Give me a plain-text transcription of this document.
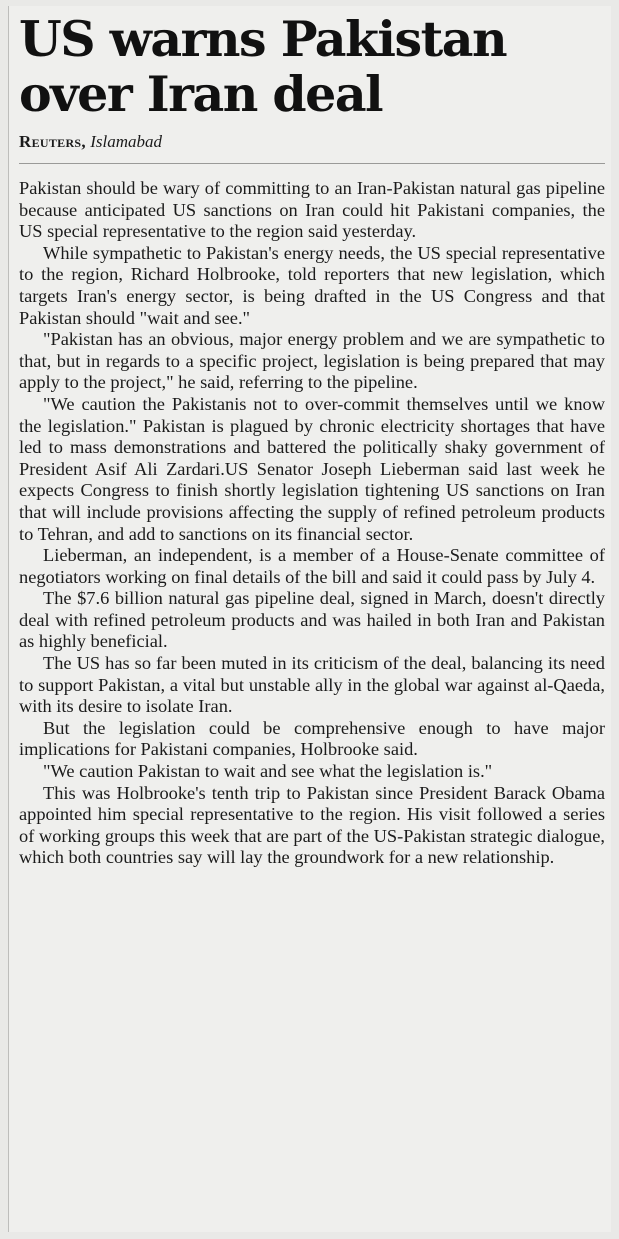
US warns Pakistan over Iran deal
Reuters, Islamabad

Pakistan should be wary of committing to an Iran-Pakistan natural gas pipeline because anticipated US sanctions on Iran could hit Pakistani companies, the US special representative to the region said yesterday.

While sympathetic to Pakistan's energy needs, the US special representative to the region, Richard Holbrooke, told reporters that new legislation, which targets Iran's energy sector, is being drafted in the US Congress and that Pakistan should "wait and see."

"Pakistan has an obvious, major energy problem and we are sympathetic to that, but in regards to a specific project, legislation is being prepared that may apply to the project," he said, referring to the pipeline.

"We caution the Pakistanis not to over-commit themselves until we know the legislation." Pakistan is plagued by chronic electricity shortages that have led to mass demonstrations and battered the politically shaky government of President Asif Ali Zardari.US Senator Joseph Lieberman said last week he expects Congress to finish shortly legislation tightening US sanctions on Iran that will include provisions affecting the supply of refined petroleum products to Tehran, and add to sanctions on its financial sector.

Lieberman, an independent, is a member of a House-Senate committee of negotiators working on final details of the bill and said it could pass by July 4.

The $7.6 billion natural gas pipeline deal, signed in March, doesn't directly deal with refined petroleum products and was hailed in both Iran and Pakistan as highly beneficial.

The US has so far been muted in its criticism of the deal, balancing its need to support Pakistan, a vital but unstable ally in the global war against al-Qaeda, with its desire to isolate Iran.

But the legislation could be comprehensive enough to have major implications for Pakistani companies, Holbrooke said.

"We caution Pakistan to wait and see what the legislation is."

This was Holbrooke's tenth trip to Pakistan since President Barack Obama appointed him special representative to the region. His visit followed a series of working groups this week that are part of the US-Pakistan strategic dialogue, which both countries say will lay the groundwork for a new relationship.
